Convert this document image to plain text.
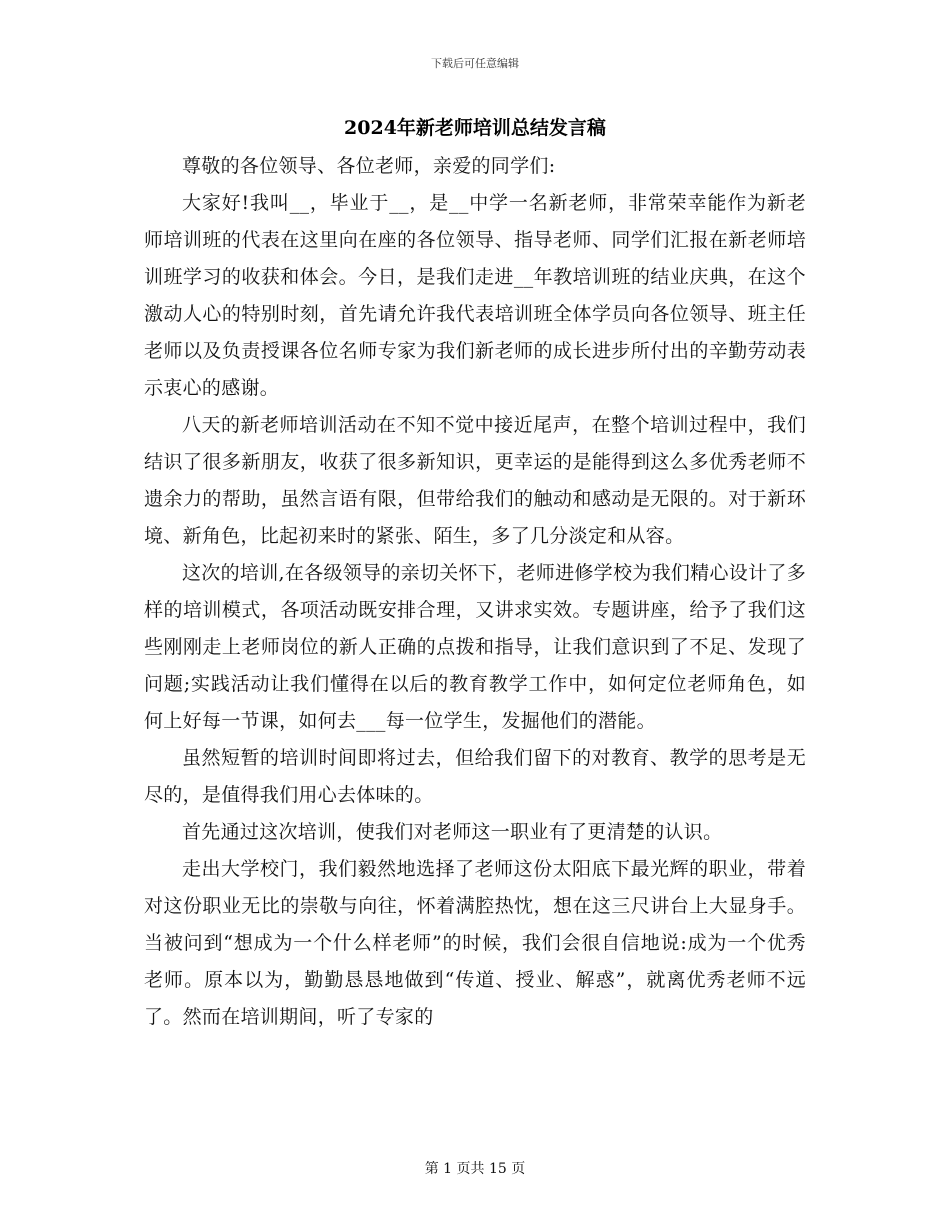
下载后可任意编辑
2024年新老师培训总结发言稿

尊敬的各位领导、各位老师，亲爱的同学们:

大家好!我叫__，毕业于__，是__中学一名新老师，非常荣幸能作为新老师培训班的代表在这里向在座的各位领导、指导老师、同学们汇报在新老师培训班学习的收获和体会。今日，是我们走进__年教培训班的结业庆典，在这个激动人心的特别时刻，首先请允许我代表培训班全体学员向各位领导、班主任老师以及负责授课各位名师专家为我们新老师的成长进步所付出的辛勤劳动表示衷心的感谢。

八天的新老师培训活动在不知不觉中接近尾声，在整个培训过程中，我们结识了很多新朋友，收获了很多新知识，更幸运的是能得到这么多优秀老师不遗余力的帮助，虽然言语有限，但带给我们的触动和感动是无限的。对于新环境、新角色，比起初来时的紧张、陌生，多了几分淡定和从容。

这次的培训,在各级领导的亲切关怀下，老师进修学校为我们精心设计了多样的培训模式，各项活动既安排合理，又讲求实效。专题讲座，给予了我们这些刚刚走上老师岗位的新人正确的点拨和指导，让我们意识到了不足、发现了问题;实践活动让我们懂得在以后的教育教学工作中，如何定位老师角色，如何上好每一节课，如何去___每一位学生，发掘他们的潜能。

虽然短暂的培训时间即将过去，但给我们留下的对教育、教学的思考是无尽的，是值得我们用心去体味的。

首先通过这次培训，使我们对老师这一职业有了更清楚的认识。

走出大学校门，我们毅然地选择了老师这份太阳底下最光辉的职业，带着对这份职业无比的崇敬与向往，怀着满腔热忱，想在这三尺讲台上大显身手。当被问到“想成为一个什么样老师”的时候，我们会很自信地说:成为一个优秀老师。原本以为，勤勤恳恳地做到“传道、授业、解惑”，就离优秀老师不远了。然而在培训期间，听了专家的

第 1 页共 15 页
